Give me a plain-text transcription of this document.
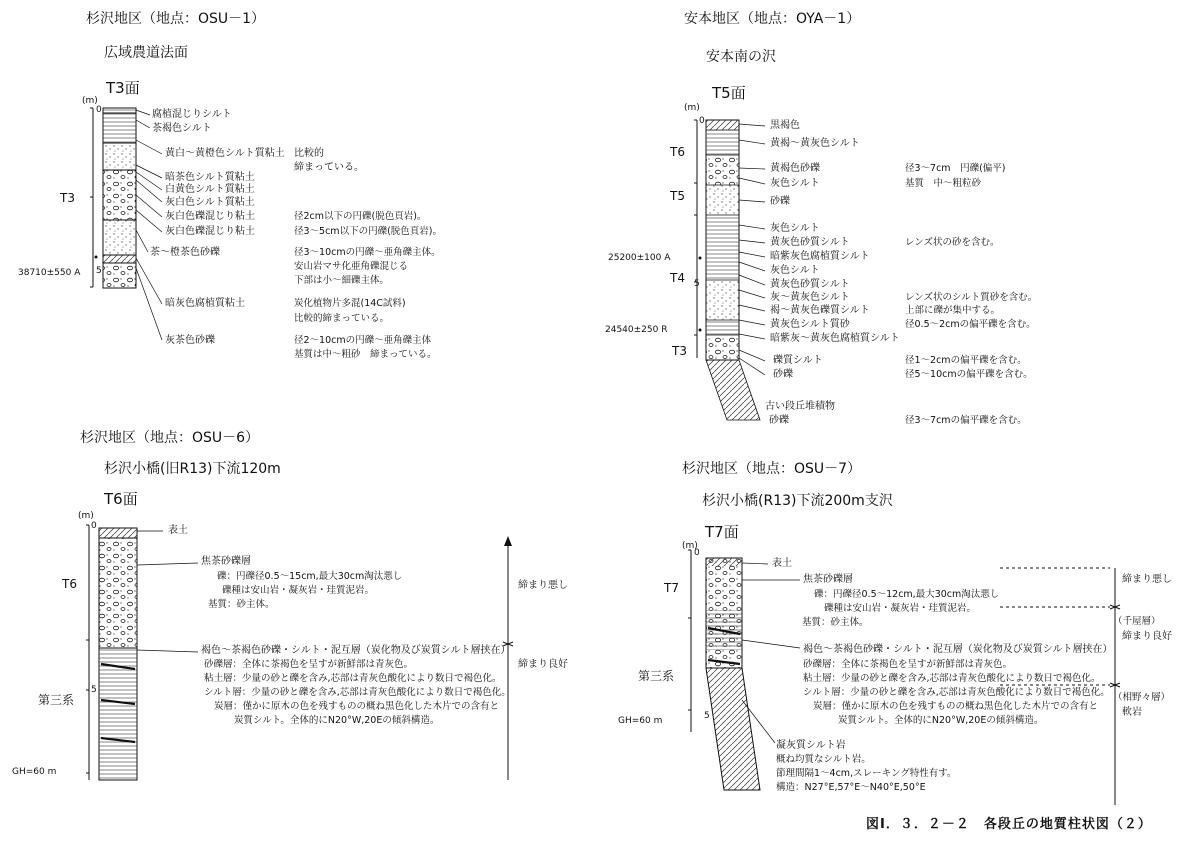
杉沢地区（地点：OSU－1）
広域農道法面
T3面
(m)
0
5
T3
38710±550 A
腐植混じりシルト
茶褐色シルト
黄白～黄橙色シルト質粘土 比較的
締まっている。
暗茶色シルト質粘土
白黄色シルト質粘土
灰白色シルト質粘土
灰白色礫混じり粘土	径2cm以下の円礫(脱色頁岩)。
灰白色礫混じり粘土	径3～5cm以下の円礫(脱色頁岩)。
茶～橙茶色砂礫	径3～10cmの円礫～亜角礫主体。
安山岩マサ化亜角礫混じる
下部は小～細礫主体。
暗灰色腐植質粘土	炭化植物片多混(14C試料)
比較的締まっている。
灰茶色砂礫	径2～10cmの円礫～亜角礫主体
基質は中～粗砂　締まっている。
安本地区（地点：OYA－1）
安本南の沢
T5面
(m)
0
5
T6
T5
T4
T3
25200±100 A
24540±250 R
黒褐色
黄褐～黄灰色シルト
黄褐色砂礫	径3～7cm　円礫(偏平)
灰色シルト	基質　中～粗粒砂
砂礫
灰色シルト
黄灰色砂質シルト	レンズ状の砂を含む。
暗紫灰色腐植質シルト
灰色シルト
黄灰色砂質シルト
灰～黄灰色シルト	レンズ状のシルト質砂を含む。
褐～黄灰色礫質シルト	上部に礫が集中する。
黄灰色シルト質砂	径0.5～2cmの偏平礫を含む。
暗紫灰～黄灰色腐植質シルト
礫質シルト	径1～2cmの偏平礫を含む。
砂礫	径5～10cmの偏平礫を含む。
古い段丘堆積物
砂礫	径3～7cmの偏平礫を含む。
杉沢地区（地点：OSU－6）
杉沢小橋(旧R13)下流120m
T6面
(m)
0
5
T6
第三系
GH=60 m
表土
焦茶砂礫層
礫：円礫径0.5～15cm,最大30cm淘汰悪し
礫種は安山岩・凝灰岩・珪質泥岩。
基質：砂主体。
褐色～茶褐色砂礫・シルト・泥互層（炭化物及び炭質シルト層挟在）
砂礫層：全体に茶褐色を呈すが新鮮部は青灰色。
粘土層：少量の砂と礫を含み,芯部は青灰色酸化により数日で褐色化。
シルト層：少量の砂と礫を含み,芯部は青灰色酸化により数日で褐色化。
炭層：僅かに原木の色を残すものの概ね黒色化した木片での含有と
炭質シルト。全体的にN20°W,20Eの傾斜構造。
締まり悪し
締まり良好
杉沢地区（地点：OSU－7）
杉沢小橋(R13)下流200m支沢
T7面
(m)
0
5
T7
第三系
GH=60 m
表土
焦茶砂礫層
礫：円礫径0.5～12cm,最大30cm淘汰悪し
礫種は安山岩・凝灰岩・珪質泥岩。
基質：砂主体。
褐色～茶褐色砂礫・シルト・泥互層（炭化物及び炭質シルト層挟在）
砂礫層：全体に茶褐色を呈すが新鮮部は青灰色。
粘土層：少量の砂と礫を含み,芯部は青灰色酸化により数日で褐色化。
シルト層：少量の砂と礫を含み,芯部は青灰色酸化により数日で褐色化。
炭層：僅かに原木の色を残すものの概ね黒色化した木片での含有と
炭質シルト。全体的にN20°W,20Eの傾斜構造。
凝灰質シルト岩
概ね均質なシルト岩。
節理間隔1～4cm,スレーキング特性有す。
構造：N27°E,57°E～N40°E,50°E
締まり悪し
（千屋層）
締まり良好
（相野々層）
軟岩
図Ⅰ．３．２－２　各段丘の地質柱状図（２）
